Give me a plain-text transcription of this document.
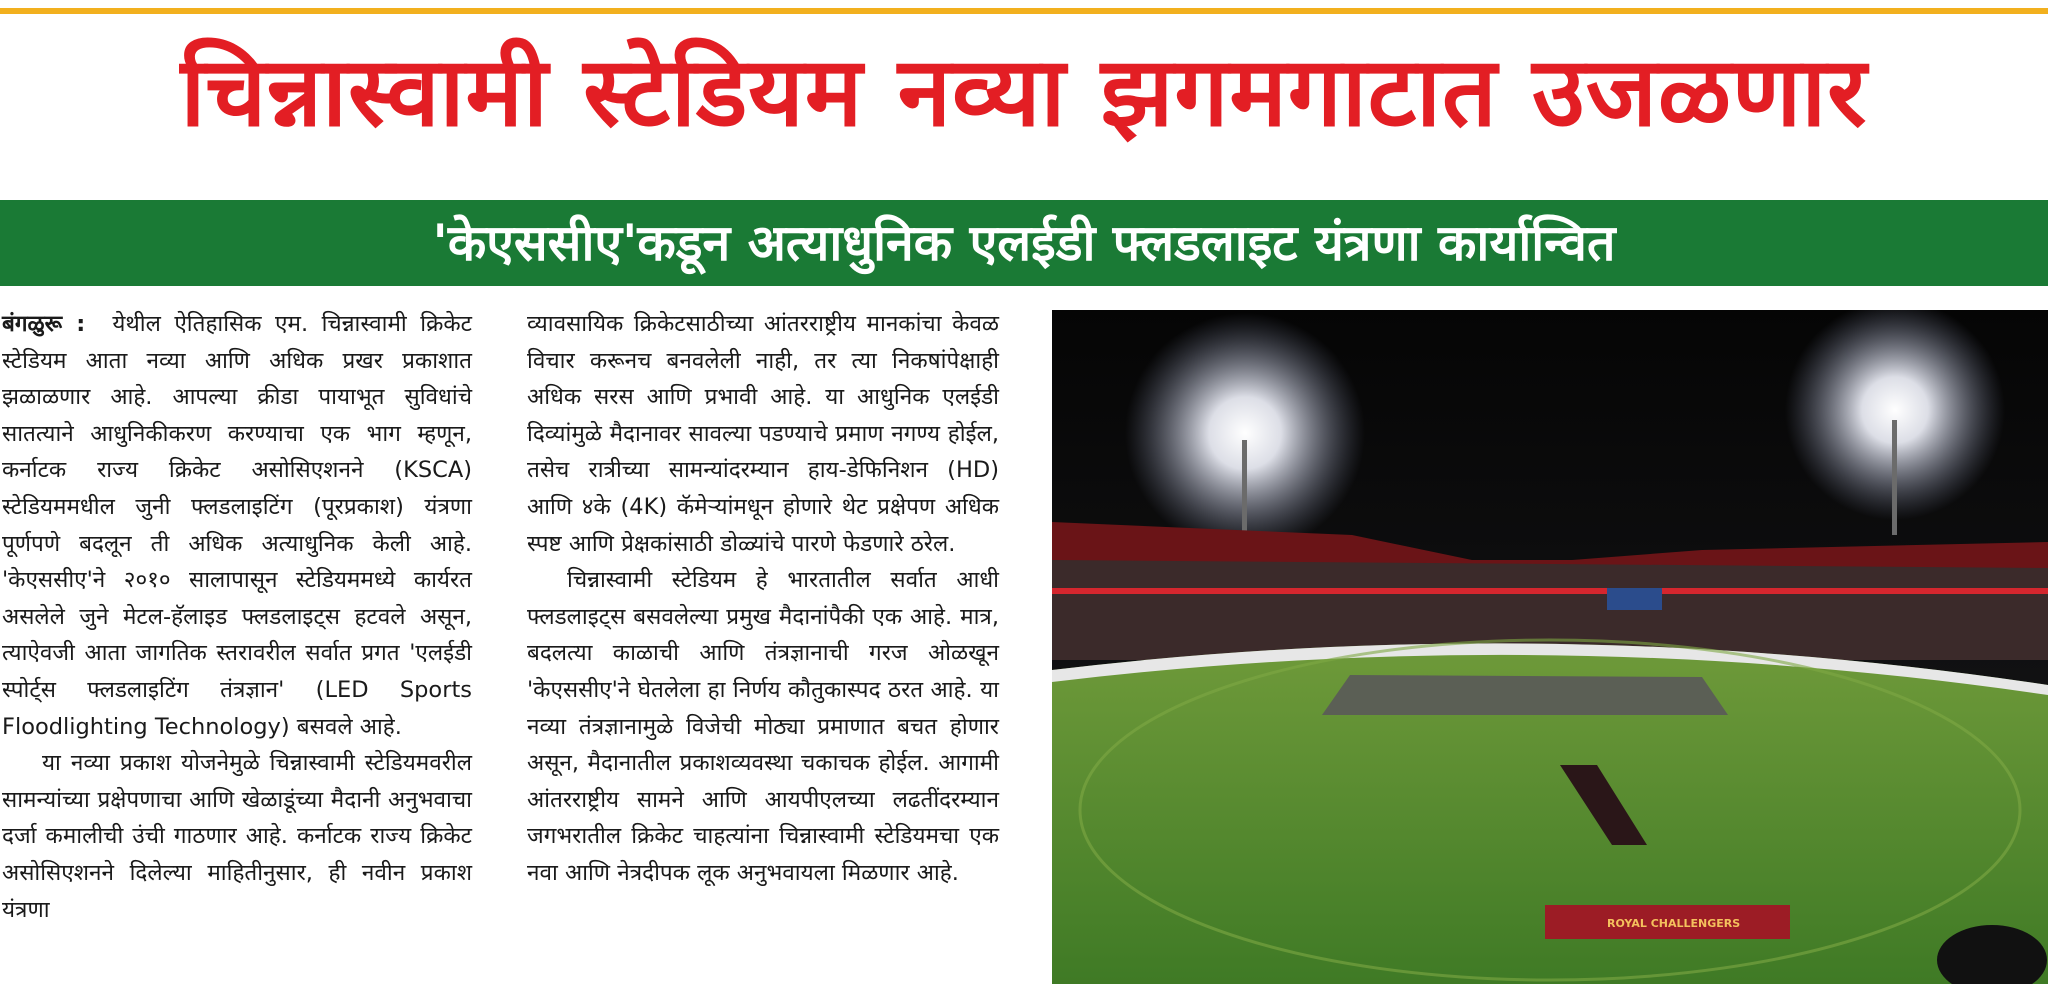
चिन्नास्वामी स्टेडियम नव्या झगमगाटात उजळणार
'केएससीए'कडून अत्याधुनिक एलईडी फ्लडलाइट यंत्रणा कार्यान्वित

बंगळुरू : येथील ऐतिहासिक एम. चिन्नास्वामी क्रिकेट स्टेडियम आता नव्या आणि अधिक प्रखर प्रकाशात झळाळणार आहे. आपल्या क्रीडा पायाभूत सुविधांचे सातत्याने आधुनिकीकरण करण्याचा एक भाग म्हणून, कर्नाटक राज्य क्रिकेट असोसिएशनने (KSCA) स्टेडियममधील जुनी फ्लडलाइटिंग (पूरप्रकाश) यंत्रणा पूर्णपणे बदलून ती अधिक अत्याधुनिक केली आहे. 'केएससीए'ने २०१० सालापासून स्टेडियममध्ये कार्यरत असलेले जुने मेटल-हॅलाइड फ्लडलाइट्स हटवले असून, त्याऐवजी आता जागतिक स्तरावरील सर्वात प्रगत 'एलईडी स्पोर्ट्स फ्लडलाइटिंग तंत्रज्ञान' (LED Sports Floodlighting Technology) बसवले आहे.

या नव्या प्रकाश योजनेमुळे चिन्नास्वामी स्टेडियमवरील सामन्यांच्या प्रक्षेपणाचा आणि खेळाडूंच्या मैदानी अनुभवाचा दर्जा कमालीची उंची गाठणार आहे. कर्नाटक राज्य क्रिकेट असोसिएशनने दिलेल्या माहितीनुसार, ही नवीन प्रकाश यंत्रणा

व्यावसायिक क्रिकेटसाठीच्या आंतरराष्ट्रीय मानकांचा केवळ विचार करूनच बनवलेली नाही, तर त्या निकषांपेक्षाही अधिक सरस आणि प्रभावी आहे. या आधुनिक एलईडी दिव्यांमुळे मैदानावर सावल्या पडण्याचे प्रमाण नगण्य होईल, तसेच रात्रीच्या सामन्यांदरम्यान हाय-डेफिनिशन (HD) आणि ४के (4K) कॅमेऱ्यांमधून होणारे थेट प्रक्षेपण अधिक स्पष्ट आणि प्रेक्षकांसाठी डोळ्यांचे पारणे फेडणारे ठरेल.

चिन्नास्वामी स्टेडियम हे भारतातील सर्वात आधी फ्लडलाइट्स बसवलेल्या प्रमुख मैदानांपैकी एक आहे. मात्र, बदलत्या काळाची आणि तंत्रज्ञानाची गरज ओळखून 'केएससीए'ने घेतलेला हा निर्णय कौतुकास्पद ठरत आहे. या नव्या तंत्रज्ञानामुळे विजेची मोठ्या प्रमाणात बचत होणार असून, मैदानातील प्रकाशव्यवस्था चकाचक होईल. आगामी आंतरराष्ट्रीय सामने आणि आयपीएलच्या लढतींदरम्यान जगभरातील क्रिकेट चाहत्यांना चिन्नास्वामी स्टेडियमचा एक नवा आणि नेत्रदीपक लूक अनुभवायला मिळणार आहे.

ROYAL CHALLENGERS
